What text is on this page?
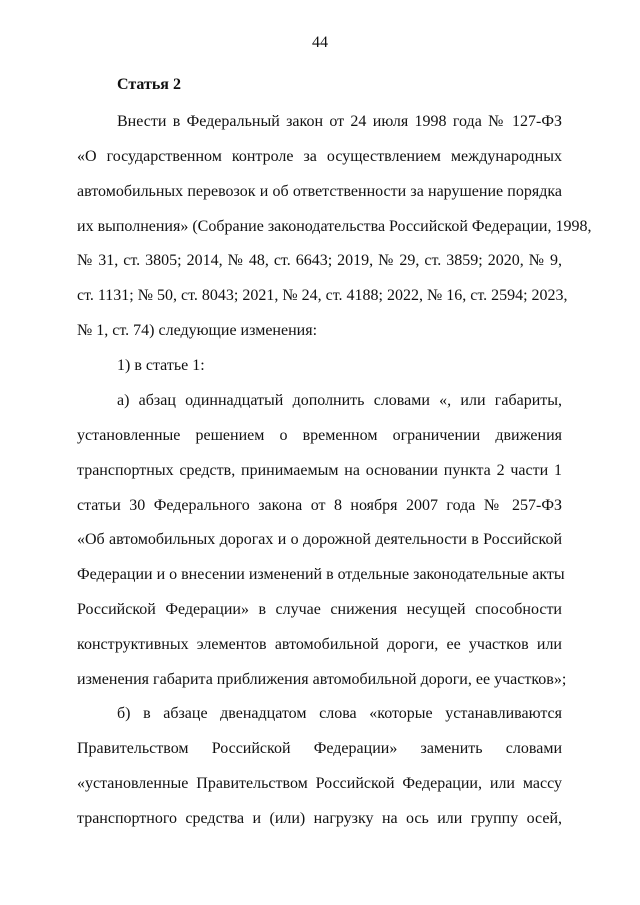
44
Статья 2
Внести в Федеральный закон от 24 июля 1998 года № 127-ФЗ
«О государственном контроле за осуществлением международных
автомобильных перевозок и об ответственности за нарушение порядка
их выполнения» (Собрание законодательства Российской Федерации, 1998,
№ 31, ст. 3805; 2014, № 48, ст. 6643; 2019, № 29, ст. 3859; 2020, № 9,
ст. 1131; № 50, ст. 8043; 2021, № 24, ст. 4188; 2022, № 16, ст. 2594; 2023,
№ 1, ст. 74) следующие изменения:
1) в статье 1:
а) абзац одиннадцатый дополнить словами «, или габариты,
установленные решением о временном ограничении движения
транспортных средств, принимаемым на основании пункта 2 части 1
статьи 30 Федерального закона от 8 ноября 2007 года № 257-ФЗ
«Об автомобильных дорогах и о дорожной деятельности в Российской
Федерации и о внесении изменений в отдельные законодательные акты
Российской Федерации» в случае снижения несущей способности
конструктивных элементов автомобильной дороги, ее участков или
изменения габарита приближения автомобильной дороги, ее участков»;
б) в абзаце двенадцатом слова «которые устанавливаются
Правительством Российской Федерации» заменить словами
«установленные Правительством Российской Федерации, или массу
транспортного средства и (или) нагрузку на ось или группу осей,
